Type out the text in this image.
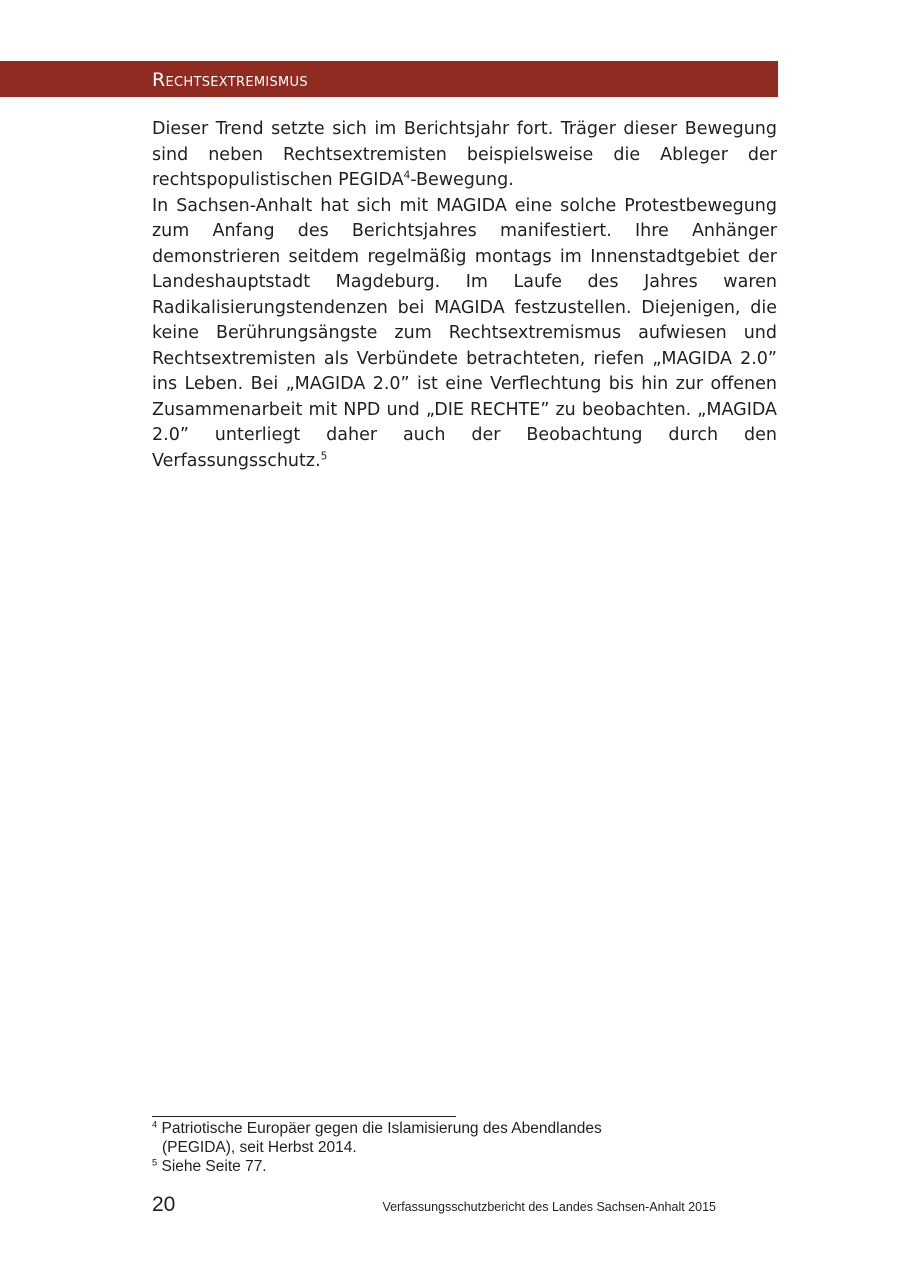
Rechtsextremismus

Dieser Trend setzte sich im Berichtsjahr fort. Träger dieser Bewegung sind neben Rechtsextremisten beispielsweise die Ableger der rechtspopulistischen PEGIDA$^4$-Bewegung.

In Sachsen-Anhalt hat sich mit MAGIDA eine solche Protestbewegung zum Anfang des Berichtsjahres manifestiert. Ihre Anhänger demonstrieren seitdem regelmäßig montags im Innenstadtgebiet der Landeshauptstadt Magdeburg. Im Laufe des Jahres waren Radikalisierungstendenzen bei MAGIDA festzustellen. Diejenigen, die keine Berührungsängste zum Rechtsextremismus aufwiesen und Rechtsextremisten als Verbündete betrachteten, riefen „MAGIDA 2.0” ins Leben. Bei „MAGIDA 2.0” ist eine Verflechtung bis hin zur offenen Zusammenarbeit mit NPD und „DIE RECHTE” zu beobachten. „MAGIDA 2.0” unterliegt daher auch der Beobachtung durch den Verfassungsschutz.$^5$

$^4$ Patriotische Europäer gegen die Islamisierung des Abendlandes

(PEGIDA), seit Herbst 2014.

$^5$ Siehe Seite 77.

20	Verfassungsschutzbericht des Landes Sachsen-Anhalt 2015
